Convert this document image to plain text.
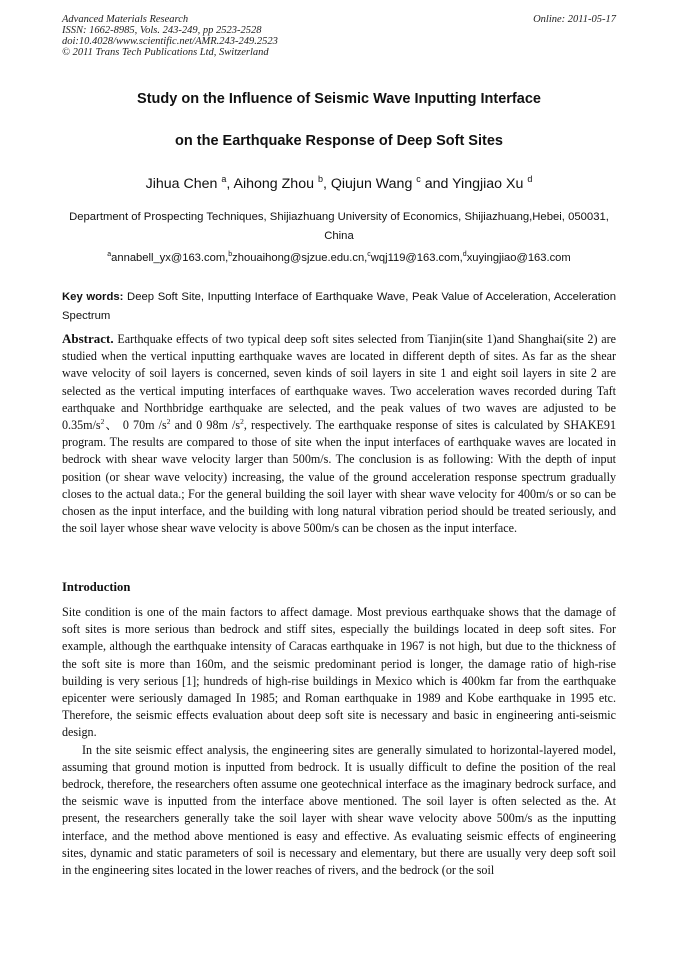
Advanced Materials Research
ISSN: 1662-8985, Vols. 243-249, pp 2523-2528
doi:10.4028/www.scientific.net/AMR.243-249.2523
© 2011 Trans Tech Publications Ltd, Switzerland
Online: 2011-05-17
Study on the Influence of Seismic Wave Inputting Interface
on the Earthquake Response of Deep Soft Sites
Jihua Chen $^a$, Aihong Zhou $^b$, Qiujun Wang $^c$ and Yingjiao Xu $^d$
Department of Prospecting Techniques, Shijiazhuang University of Economics, Shijiazhuang,Hebei, 050031, China
$^a$annabell_yx@163.com,$^b$zhouaihong@sjzue.edu.cn,$^c$wqj119@163.com,$^d$xuyingjiao@163.com
Key words: Deep Soft Site, Inputting Interface of Earthquake Wave, Peak Value of Acceleration, Acceleration Spectrum
Abstract. Earthquake effects of two typical deep soft sites selected from Tianjin(site 1)and Shanghai(site 2) are studied when the vertical inputting earthquake waves are located in different depth of sites. As far as the shear wave velocity of soil layers is concerned, seven kinds of soil layers in site 1 and eight soil layers in site 2 are selected as the vertical imputing interfaces of earthquake waves. Two acceleration waves recorded during Taft earthquake and Northbridge earthquake are selected, and the peak values of two waves are adjusted to be $0.35m/s^2$、 0 70m $/s^2$ and 0 98m $/s^2$, respectively. The earthquake response of sites is calculated by SHAKE91 program. The results are compared to those of site when the input interfaces of earthquake waves are located in bedrock with shear wave velocity larger than 500m/s. The conclusion is as following: With the depth of input position (or shear wave velocity) increasing, the value of the ground acceleration response spectrum gradually closes to the actual data.; For the general building the soil layer with shear wave velocity for 400m/s or so can be chosen as the input interface, and the building with long natural vibration period should be treated seriously, and the soil layer whose shear wave velocity is above 500m/s can be chosen as the input interface.
Introduction

Site condition is one of the main factors to affect damage. Most previous earthquake shows that the damage of soft sites is more serious than bedrock and stiff sites, especially the buildings located in deep soft sites. For example, although the earthquake intensity of Caracas earthquake in 1967 is not high, but due to the thickness of the soft site is more than 160m, and the seismic predominant period is longer, the damage ratio of high-rise building is very serious [1]; hundreds of high-rise buildings in Mexico which is 400km far from the earthquake epicenter were seriously damaged In 1985; and Roman earthquake in 1989 and Kobe earthquake in 1995 etc. Therefore, the seismic effects evaluation about deep soft site is necessary and basic in engineering anti-seismic design.

In the site seismic effect analysis, the engineering sites are generally simulated to horizontal-layered model, assuming that ground motion is inputted from bedrock. It is usually difficult to define the position of the real bedrock, therefore, the researchers often assume one geotechnical interface as the imaginary bedrock surface, and the seismic wave is inputted from the interface above mentioned. The soil layer is often selected as the. At present, the researchers generally take the soil layer with shear wave velocity above 500m/s as the inputting interface, and the method above mentioned is easy and effective. As evaluating seismic effects of engineering sites, dynamic and static parameters of soil is necessary and elementary, but there are usually very deep soft soil in the engineering sites located in the lower reaches of rivers, and the bedrock (or the soil
